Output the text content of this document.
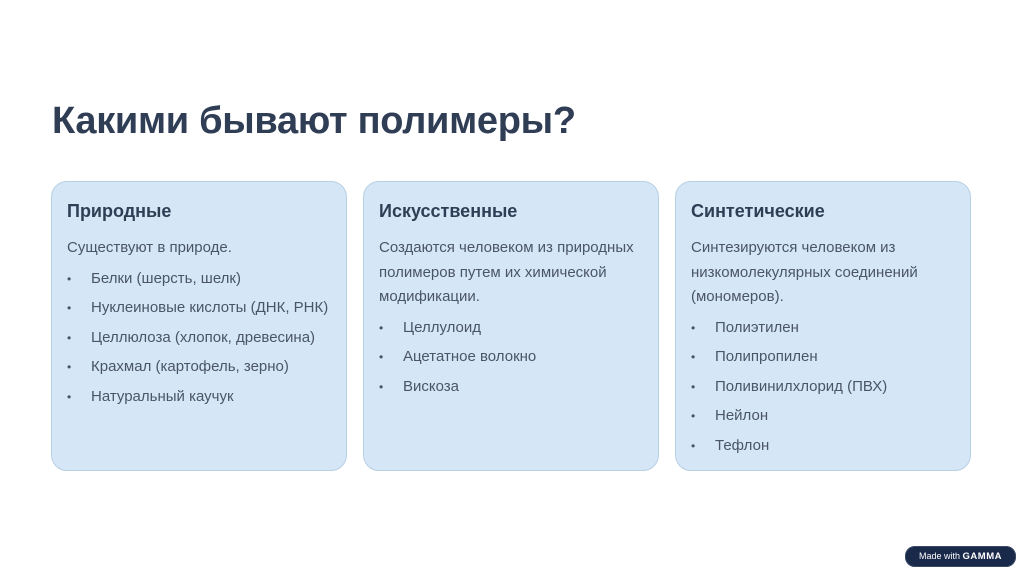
Какими бывают полимеры?
Природные

Существуют в природе.

• Белки (шерсть, шелк)
• Нуклеиновые кислоты (ДНК, РНК)
• Целлюлоза (хлопок, древесина)
• Крахмал (картофель, зерно)
• Натуральный каучук
Искусственные

Создаются человеком из природных полимеров путем их химической модификации.

• Целлулоид
• Ацетатное волокно
• Вискоза
Синтетические

Синтезируются человеком из низкомолекулярных соединений (мономеров).

• Полиэтилен
• Полипропилен
• Поливинилхлорид (ПВХ)
• Нейлон
• Тефлон
Made with GAMMA
